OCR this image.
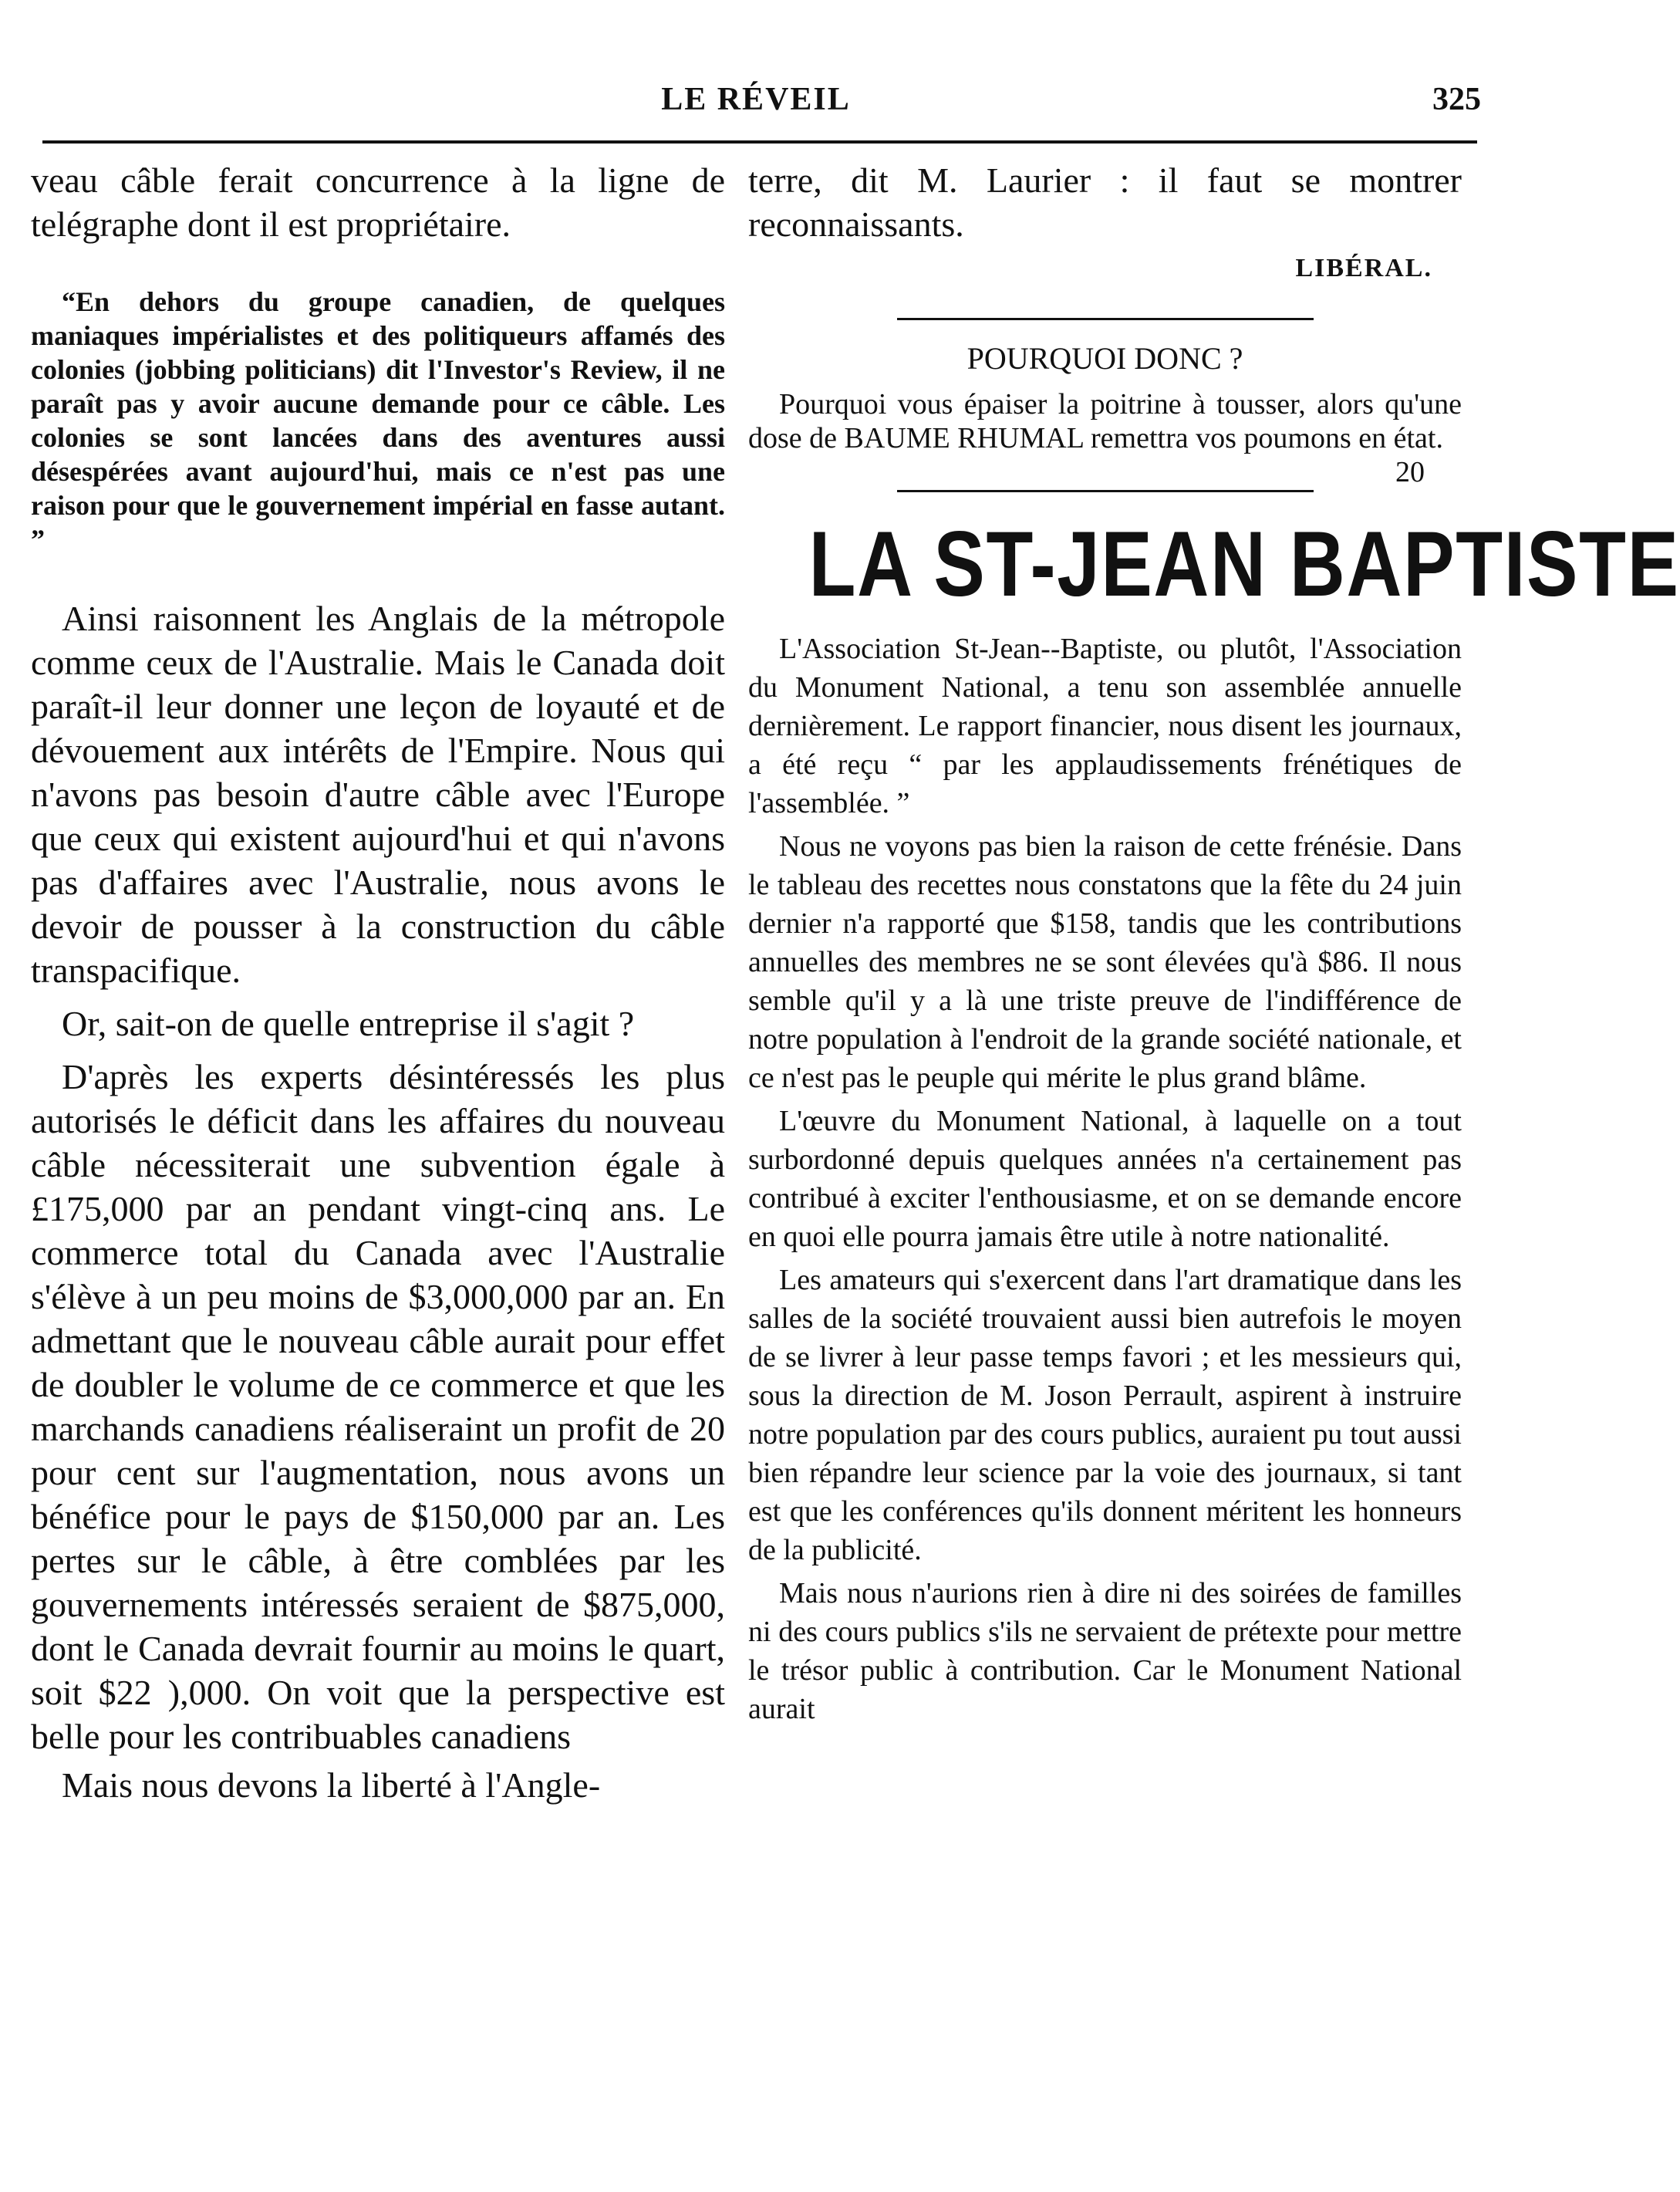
LE RÉVEIL	325

veau câble ferait concurrence à la ligne de telégraphe dont il est propriétaire.

“En dehors du groupe canadien, de quelques maniaques impérialistes et des politiqueurs affamés des colonies (jobbing politicians) dit l'Investor's Review, il ne paraît pas y avoir aucune demande pour ce câble. Les colonies se sont lancées dans des aventures aussi désespérées avant aujourd'hui, mais ce n'est pas une raison pour que le gouvernement impérial en fasse autant. ”

Ainsi raisonnent les Anglais de la métropole comme ceux de l'Australie. Mais le Canada doit paraît-il leur donner une leçon de loyauté et de dévouement aux intérêts de l'Empire. Nous qui n'avons pas besoin d'autre câble avec l'Europe que ceux qui existent aujourd'hui et qui n'avons pas d'affaires avec l'Australie, nous avons le devoir de pousser à la construction du câble transpacifique.

Or, sait-on de quelle entreprise il s'agit ?

D'après les experts désintéressés les plus autorisés le déficit dans les affaires du nouveau câble nécessiterait une subvention égale à £175,000 par an pendant vingt-cinq ans. Le commerce total du Canada avec l'Australie s'élève à un peu moins de $3,000,000 par an. En admettant que le nouveau câble aurait pour effet de doubler le volume de ce commerce et que les marchands canadiens réaliseraint un profit de 20 pour cent sur l'augmentation, nous avons un bénéfice pour le pays de $150,000 par an. Les pertes sur le câble, à être comblées par les gouvernements intéressés seraient de $875,000, dont le Canada devrait fournir au moins le quart, soit $22 ),000. On voit que la perspective est belle pour les contribuables canadiens

Mais nous devons la liberté à l'Angle-

terre, dit M. Laurier : il faut se montrer reconnaissants.

LIBÉRAL.
POURQUOI DONC ?

Pourquoi vous épaiser la poitrine à tousser, alors qu'une dose de BAUME RHUMAL remettra vos poumons en état.
20

LA ST-JEAN BAPTISTE

L'Association St-Jean--Baptiste, ou plutôt, l'Association du Monument National, a tenu son assemblée annuelle dernièrement. Le rapport financier, nous disent les journaux, a été reçu “ par les applaudissements frénétiques de l'assemblée. ”

Nous ne voyons pas bien la raison de cette frénésie. Dans le tableau des recettes nous constatons que la fête du 24 juin dernier n'a rapporté que $158, tandis que les contributions annuelles des membres ne se sont élevées qu'à $86. Il nous semble qu'il y a là une triste preuve de l'indifférence de notre population à l'endroit de la grande société nationale, et ce n'est pas le peuple qui mérite le plus grand blâme.

L'œuvre du Monument National, à laquelle on a tout surbordonné depuis quelques années n'a certainement pas contribué à exciter l'enthousiasme, et on se demande encore en quoi elle pourra jamais être utile à notre nationalité.

Les amateurs qui s'exercent dans l'art dramatique dans les salles de la société trouvaient aussi bien autrefois le moyen de se livrer à leur passe temps favori ; et les messieurs qui, sous la direction de M. Joson Perrault, aspirent à instruire notre population par des cours publics, auraient pu tout aussi bien répandre leur science par la voie des journaux, si tant est que les conférences qu'ils donnent méritent les honneurs de la publicité.

Mais nous n'aurions rien à dire ni des soirées de familles ni des cours publics s'ils ne servaient de prétexte pour mettre le trésor public à contribution. Car le Monument National aurait
